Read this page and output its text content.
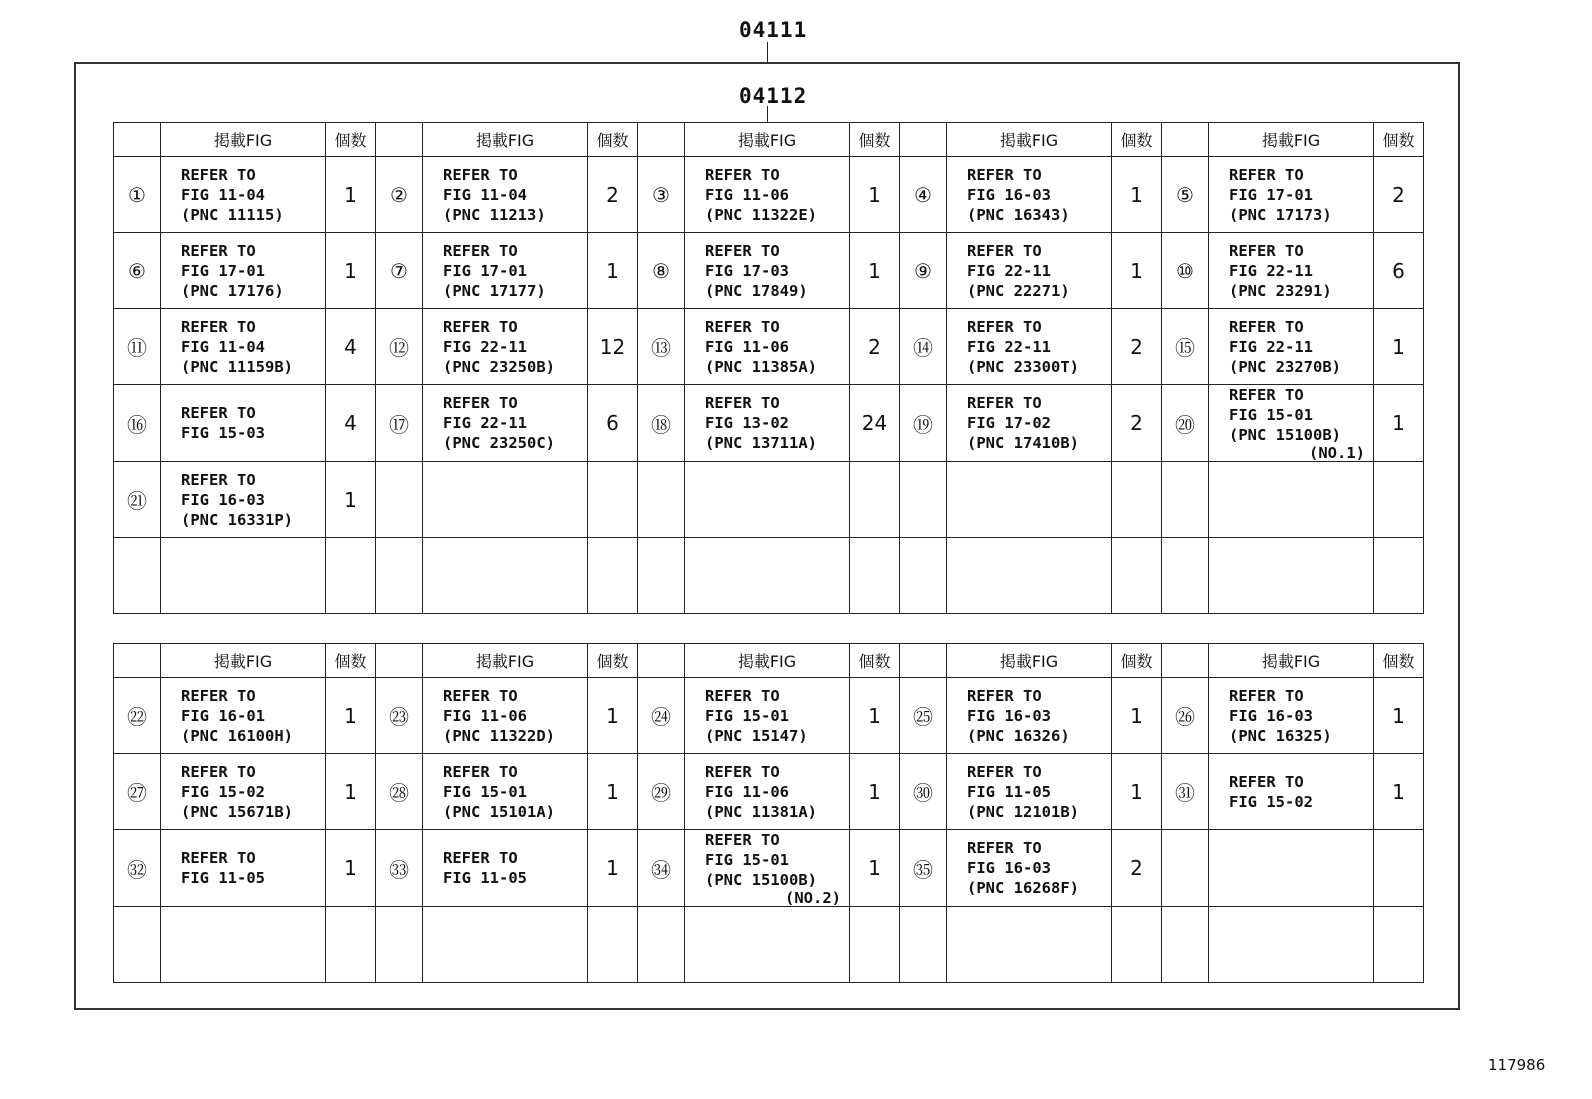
04111
04112
	掲載FIG	個数		掲載FIG	個数		掲載FIG	個数		掲載FIG	個数		掲載FIG	個数
①	REFER TO
FIG 11-04
(PNC 11115)	1	②	REFER TO
FIG 11-04
(PNC 11213)	2	③	REFER TO
FIG 11-06
(PNC 11322E)	1	④	REFER TO
FIG 16-03
(PNC 16343)	1	⑤	REFER TO
FIG 17-01
(PNC 17173)	2
⑥	REFER TO
FIG 17-01
(PNC 17176)	1	⑦	REFER TO
FIG 17-01
(PNC 17177)	1	⑧	REFER TO
FIG 17-03
(PNC 17849)	1	⑨	REFER TO
FIG 22-11
(PNC 22271)	1	⑩	REFER TO
FIG 22-11
(PNC 23291)	6
⑪	REFER TO
FIG 11-04
(PNC 11159B)	4	⑫	REFER TO
FIG 22-11
(PNC 23250B)	12	⑬	REFER TO
FIG 11-06
(PNC 11385A)	2	⑭	REFER TO
FIG 22-11
(PNC 23300T)	2	⑮	REFER TO
FIG 22-11
(PNC 23270B)	1
⑯	REFER TO
FIG 15-03	4	⑰	REFER TO
FIG 22-11
(PNC 23250C)	6	⑱	REFER TO
FIG 13-02
(PNC 13711A)	24	⑲	REFER TO
FIG 17-02
(PNC 17410B)	2	⑳	REFER TO
FIG 15-01
(PNC 15100B)
(NO.1)	1
㉑	REFER TO
FIG 16-03
(PNC 16331P)	1												

	掲載FIG	個数		掲載FIG	個数		掲載FIG	個数		掲載FIG	個数		掲載FIG	個数
㉒	REFER TO
FIG 16-01
(PNC 16100H)	1	㉓	REFER TO
FIG 11-06
(PNC 11322D)	1	㉔	REFER TO
FIG 15-01
(PNC 15147)	1	㉕	REFER TO
FIG 16-03
(PNC 16326)	1	㉖	REFER TO
FIG 16-03
(PNC 16325)	1
㉗	REFER TO
FIG 15-02
(PNC 15671B)	1	㉘	REFER TO
FIG 15-01
(PNC 15101A)	1	㉙	REFER TO
FIG 11-06
(PNC 11381A)	1	㉚	REFER TO
FIG 11-05
(PNC 12101B)	1	㉛	REFER TO
FIG 15-02	1
㉜	REFER TO
FIG 11-05	1	㉝	REFER TO
FIG 11-05	1	㉞	REFER TO
FIG 15-01
(PNC 15100B)
(NO.2)	1	㉟	REFER TO
FIG 16-03
(PNC 16268F)	2			

117986
